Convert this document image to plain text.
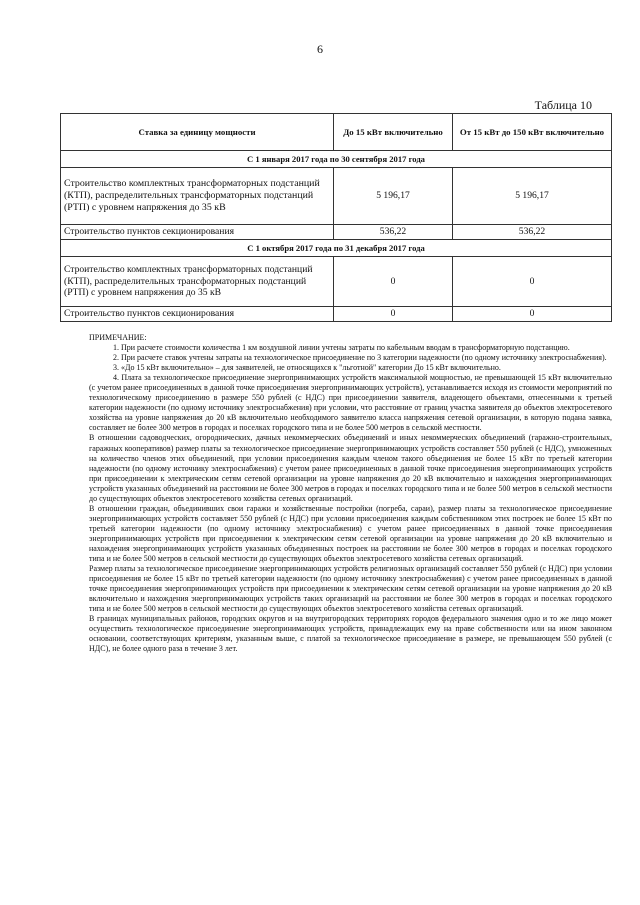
6
Таблица 10
Ставка за единицу мощности	До 15 кВт включительно	От 15 кВт до 150 кВт включительно
С 1 января 2017 года по 30 сентября 2017 года		
Строительство комплектных трансформаторных подстанций (КТП), распределительных трансформаторных подстанций (РТП) с уровнем напряжения до 35 кВ	5 196,17	5 196,17
Строительство пунктов секционирования	536,22	536,22
С 1 октября 2017 года по 31 декабря 2017 года		
Строительство комплектных трансформаторных подстанций (КТП), распределительных трансформаторных подстанций (РТП) с уровнем напряжения до 35 кВ	0	0
Строительство пунктов секционирования	0	0

ПРИМЕЧАНИЕ:

1. При расчете стоимости количества 1 км воздушной линии учтены затраты по кабельным вводам в трансформаторную подстанцию.

2. При расчете ставок учтены затраты на технологическое присоединение по 3 категории надежности (по одному источнику электроснабжения).

3. «До 15 кВт включительно» – для заявителей, не относящихся к "льготной" категории До 15 кВт включительно.

4. Плата за технологическое присоединение энергопринимающих устройств максимальной мощностью, не превышающей 15 кВт включительно (с учетом ранее присоединенных в данной точке присоединения энергопринимающих устройств), устанавливается исходя из стоимости мероприятий по технологическому присоединению в размере 550 рублей (с НДС) при присоединении заявителя, владеющего объектами, отнесенными к третьей категории надежности (по одному источнику электроснабжения) при условии, что расстояние от границ участка заявителя до объектов электросетевого хозяйства на уровне напряжения до 20 кВ включительно необходимого заявителю класса напряжения сетевой организации, в которую подана заявка, составляет не более 300 метров в городах и поселках городского типа и не более 500 метров в сельской местности.

В отношении садоводческих, огороднических, дачных некоммерческих объединений и иных некоммерческих объединений (гаражно-строительных, гаражных кооперативов) размер платы за технологическое присоединение энергопринимающих устройств составляет 550 рублей (с НДС), умноженных на количество членов этих объединений, при условии присоединения каждым членом такого объединения не более 15 кВт по третьей категории надежности (по одному источнику электроснабжения) с учетом ранее присоединенных в данной точке присоединения энергопринимающих устройств при присоединении к электрическим сетям сетевой организации на уровне напряжения до 20 кВ включительно и нахождения энергопринимающих устройств указанных объединений на расстоянии не более 300 метров в городах и поселках городского типа и не более 500 метров в сельской местности до существующих объектов электросетевого хозяйства сетевых организаций.

В отношении граждан, объединивших свои гаражи и хозяйственные постройки (погреба, сараи), размер платы за технологическое присоединение энергопринимающих устройств составляет 550 рублей (с НДС) при условии присоединения каждым собственником этих построек не более 15 кВт по третьей категории надежности (по одному источнику электроснабжения) с учетом ранее присоединенных в данной точке присоединения энергопринимающих устройств при присоединении к электрическим сетям сетевой организации на уровне напряжения до 20 кВ включительно и нахождения энергопринимающих устройств указанных объединенных построек на расстоянии не более 300 метров в городах и поселках городского типа и не более 500 метров в сельской местности до существующих объектов электросетевого хозяйства сетевых организаций.

Размер платы за технологическое присоединение энергопринимающих устройств религиозных организаций составляет 550 рублей (с НДС) при условии присоединения не более 15 кВт по третьей категории надежности (по одному источнику электроснабжения) с учетом ранее присоединенных в данной точке присоединения энергопринимающих устройств при присоединении к электрическим сетям сетевой организации на уровне напряжения до 20 кВ включительно и нахождения энергопринимающих устройств таких организаций на расстоянии не более 300 метров в городах и поселках городского типа и не более 500 метров в сельской местности до существующих объектов электросетевого хозяйства сетевых организаций.

В границах муниципальных районов, городских округов и на внутригородских территориях городов федерального значения одно и то же лицо может осуществить технологическое присоединение энергопринимающих устройств, принадлежащих ему на праве собственности или на ином законном основании, соответствующих критериям, указанным выше, с платой за технологическое присоединение в размере, не превышающем 550 рублей (с НДС), не более одного раза в течение 3 лет.
